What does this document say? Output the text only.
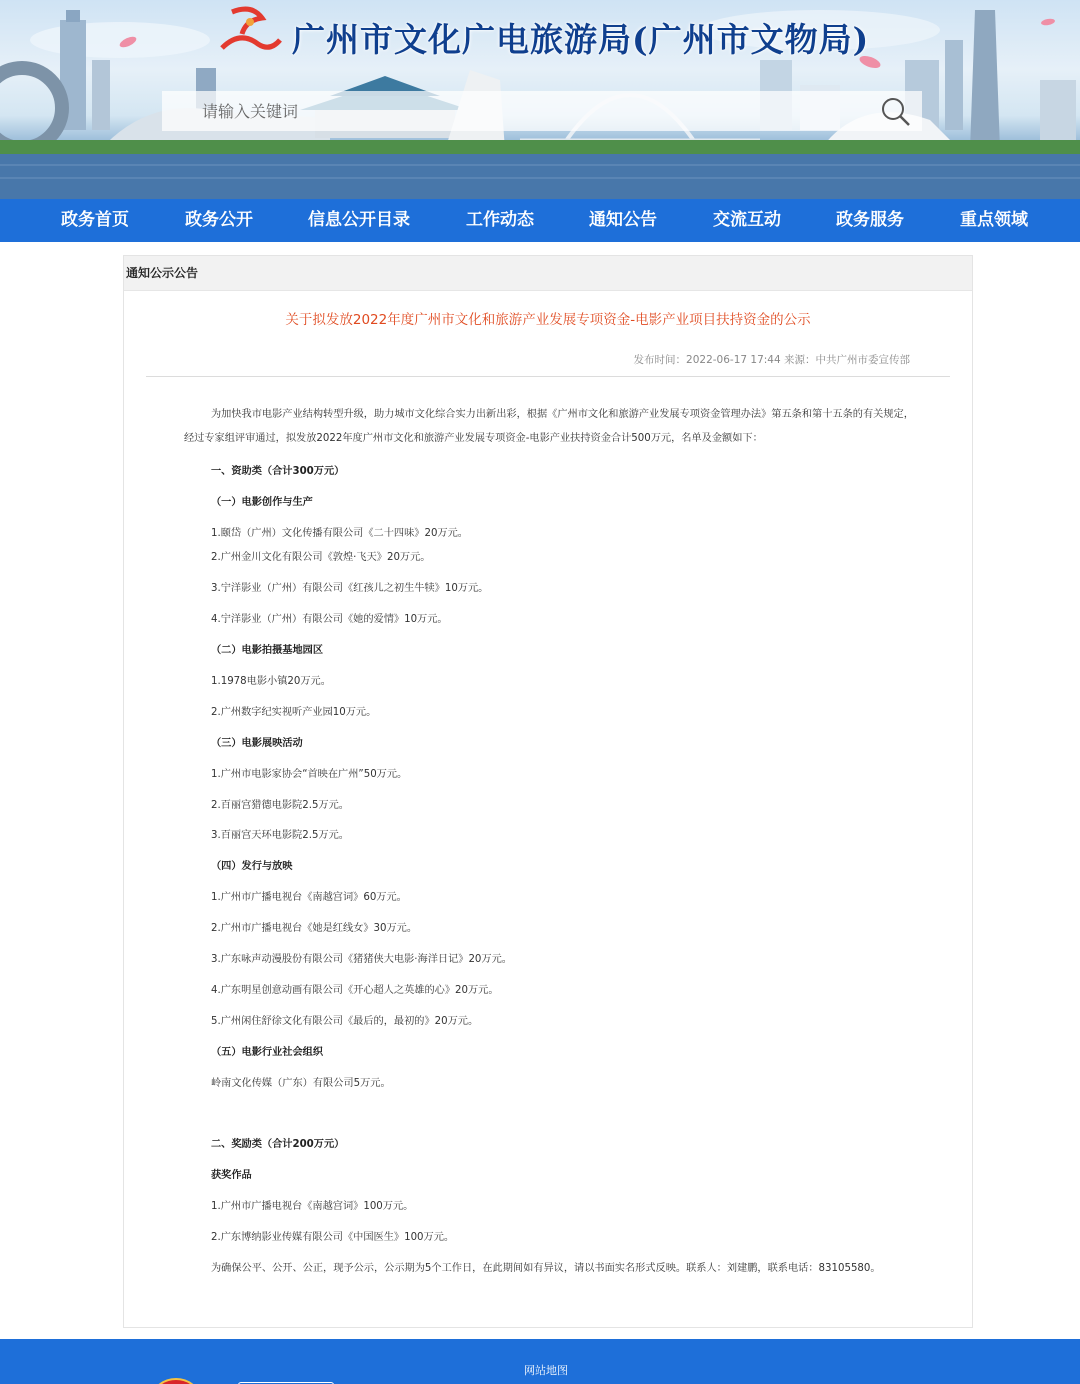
广州市文化广电旅游局(广州市文物局)
请输入关键词
政务首页	政务公开	信息公开目录	工作动态	通知公告	交流互动	政务服务	重点领域
通知公示公告
关于拟发放2022年度广州市文化和旅游产业发展专项资金-电影产业项目扶持资金的公示
发布时间：2022-06-17 17:44 来源：中共广州市委宣传部

为加快我市电影产业结构转型升级，助力城市文化综合实力出新出彩，根据《广州市文化和旅游产业发展专项资金管理办法》第五条和第十五条的有关规定，经过专家组评审通过，拟发放2022年度广州市文化和旅游产业发展专项资金-电影产业扶持资金合计500万元，名单及金额如下：

一、资助类（合计300万元）
（一）电影创作与生产
1.颐岱（广州）文化传播有限公司《二十四味》20万元。
2.广州金川文化有限公司《敦煌·飞天》20万元。
3.宁洋影业（广州）有限公司《红孩儿之初生牛犊》10万元。
4.宁洋影业（广州）有限公司《她的爱情》10万元。
（二）电影拍摄基地园区
1.1978电影小镇20万元。
2.广州数字纪实视听产业园10万元。
（三）电影展映活动
1.广州市电影家协会“首映在广州”50万元。
2.百丽宫猎德电影院2.5万元。
3.百丽宫天环电影院2.5万元。
（四）发行与放映
1.广州市广播电视台《南越宫词》60万元。
2.广州市广播电视台《她是红线女》30万元。
3.广东咏声动漫股份有限公司《猪猪侠大电影·海洋日记》20万元。
4.广东明星创意动画有限公司《开心超人之英雄的心》20万元。
5.广州闲住舒徐文化有限公司《最后的，最初的》20万元。
（五）电影行业社会组织
岭南文化传媒（广东）有限公司5万元。
二、奖励类（合计200万元）
获奖作品
1.广州市广播电视台《南越宫词》100万元。
2.广东博纳影业传媒有限公司《中国医生》100万元。
为确保公平、公开、公正，现予公示，公示期为5个工作日，在此期间如有异议，请以书面实名形式反映。联系人：刘建鹏，联系电话：83105580。
网站地图
